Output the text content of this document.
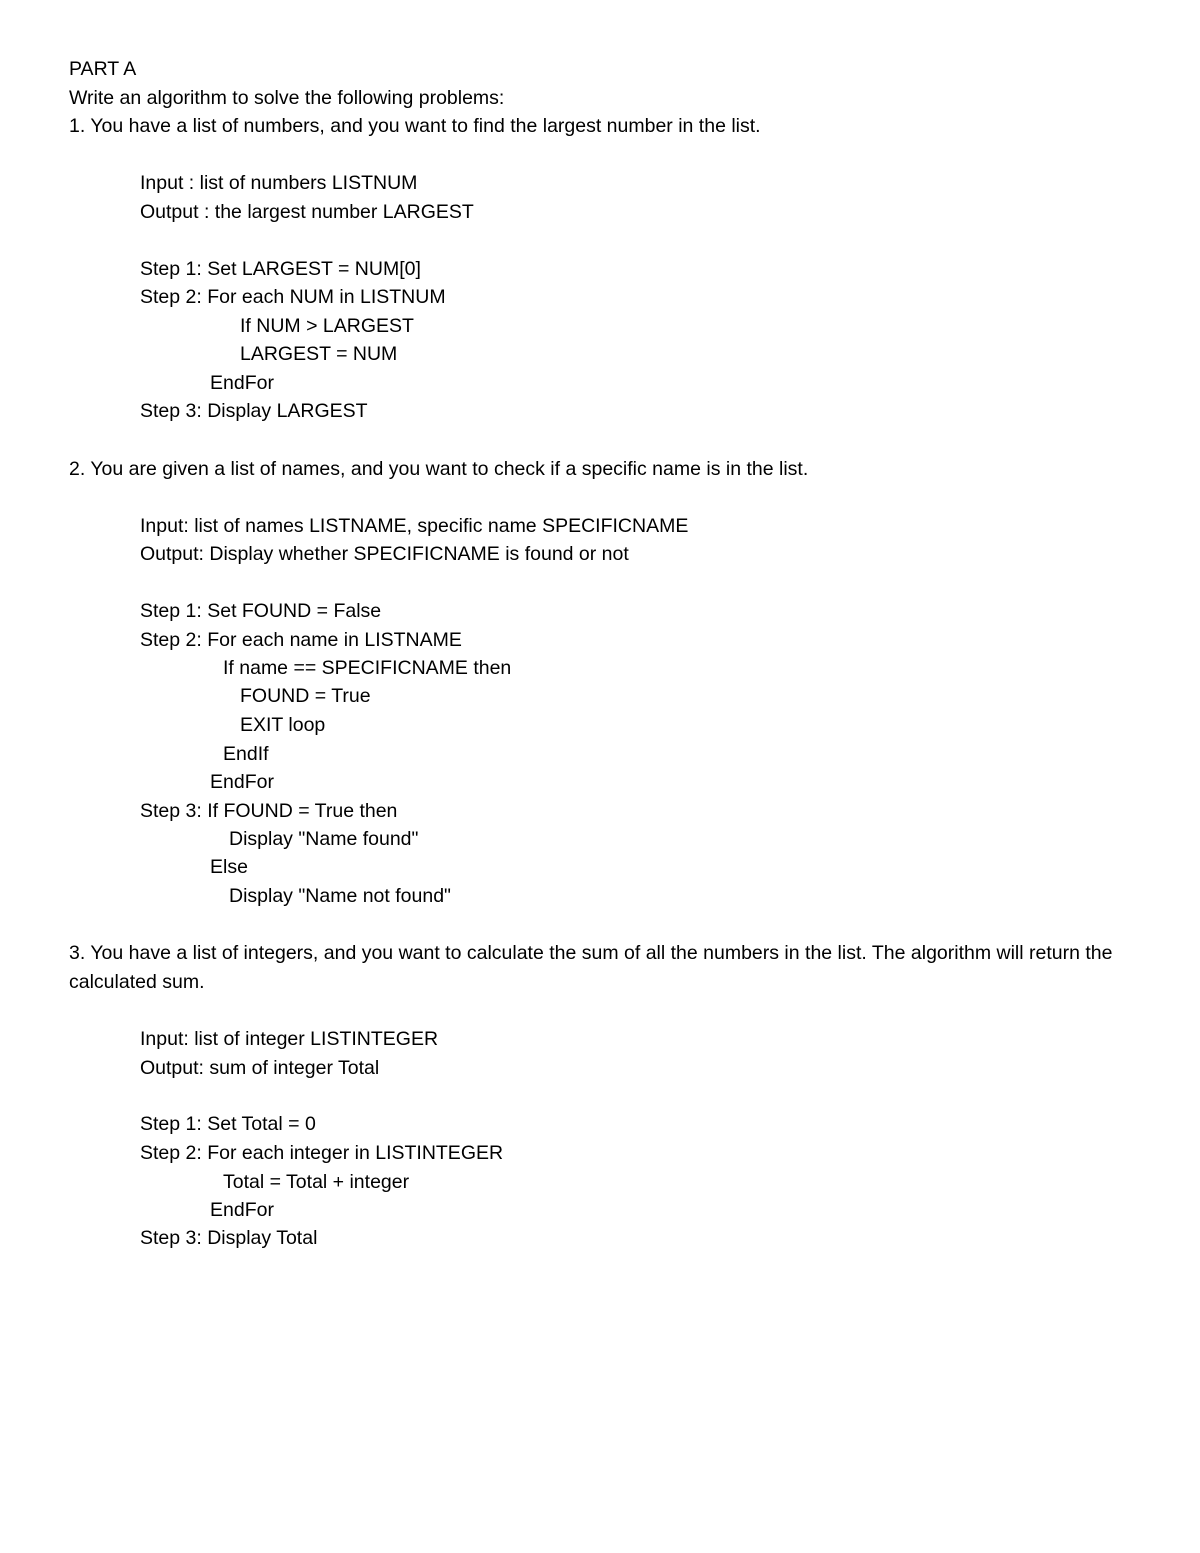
PART A
Write an algorithm to solve the following problems:
1. You have a list of numbers, and you want to find the largest number in the list.
Input : list of numbers LISTNUM
Output : the largest number LARGEST
Step 1: Set LARGEST = NUM[0]
Step 2: For each NUM in LISTNUM
If NUM > LARGEST
LARGEST = NUM
EndFor
Step 3: Display LARGEST
2. You are given a list of names, and you want to check if a specific name is in the list.
Input: list of names LISTNAME, specific name SPECIFICNAME
Output: Display whether SPECIFICNAME is found or not
Step 1: Set FOUND = False
Step 2: For each name in LISTNAME
If name == SPECIFICNAME then
FOUND = True
EXIT loop
EndIf
EndFor
Step 3: If FOUND = True then
Display "Name found"
Else
Display "Name not found"
3. You have a list of integers, and you want to calculate the sum of all the numbers in the list. The algorithm will return the calculated sum.
Input: list of integer LISTINTEGER
Output: sum of integer Total
Step 1: Set Total = 0
Step 2: For each integer in LISTINTEGER
Total = Total + integer
EndFor
Step 3: Display Total
